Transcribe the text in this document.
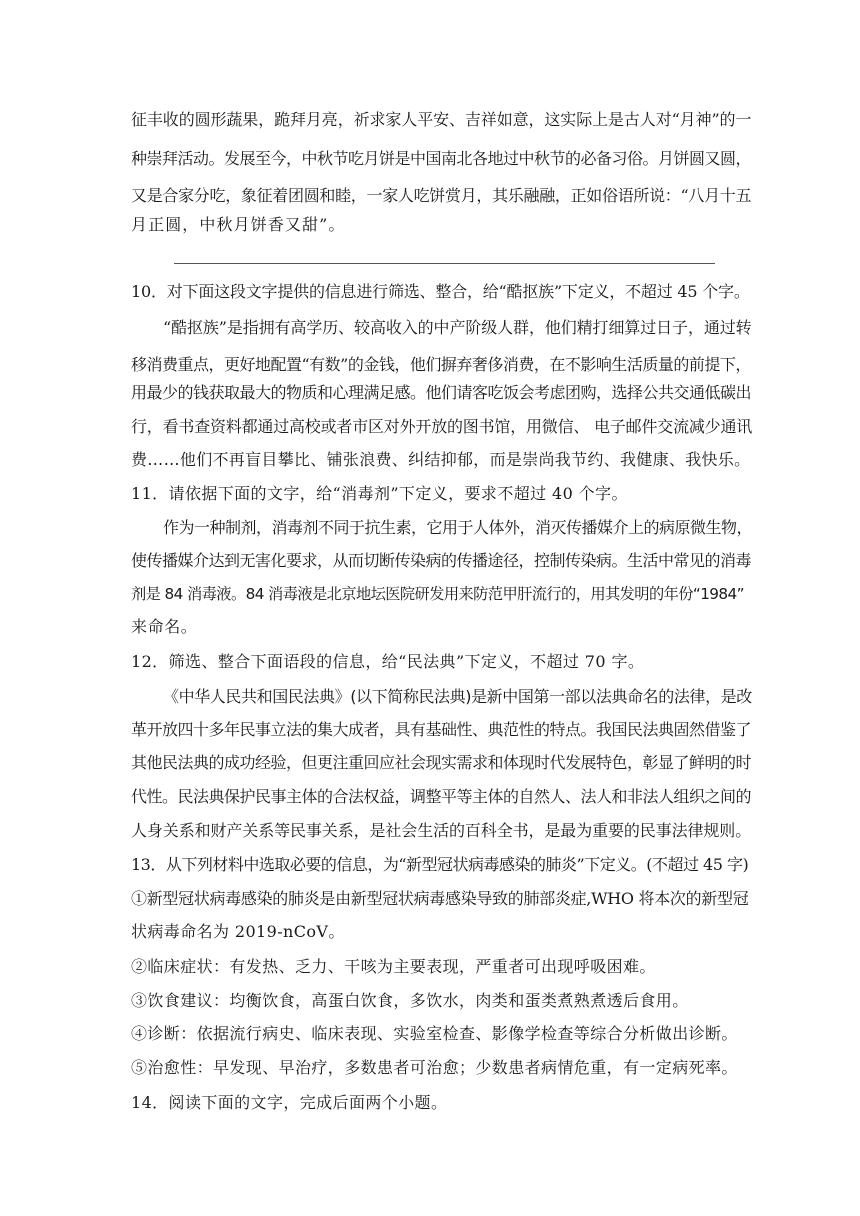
征丰收的圆形蔬果，跪拜月亮，祈求家人平安、吉祥如意，这实际上是古人对“月神”的一
种崇拜活动。发展至今，中秋节吃月饼是中国南北各地过中秋节的必备习俗。月饼圆又圆，
又是合家分吃，象征着团圆和睦，一家人吃饼赏月，其乐融融，正如俗语所说：“八月十五
月正圆，中秋月饼香又甜”。
10．对下面这段文字提供的信息进行筛选、整合，给“酷抠族”下定义，不超过 45 个字。
“酷抠族”是指拥有高学历、较高收入的中产阶级人群，他们精打细算过日子，通过转
移消费重点，更好地配置“有数”的金钱，他们摒弃奢侈消费，在不影响生活质量的前提下，
用最少的钱获取最大的物质和心理满足感。他们请客吃饭会考虑团购，选择公共交通低碳出
行，看书查资料都通过高校或者市区对外开放的图书馆，用微信、 电子邮件交流减少通讯
费……他们不再盲目攀比、铺张浪费、纠结抑郁，而是崇尚我节约、我健康、我快乐。
11．请依据下面的文字，给“消毒剂”下定义，要求不超过 40 个字。
作为一种制剂，消毒剂不同于抗生素，它用于人体外，消灭传播媒介上的病原微生物，
使传播媒介达到无害化要求，从而切断传染病的传播途径，控制传染病。生活中常见的消毒
剂是 84 消毒液。84 消毒液是北京地坛医院研发用来防范甲肝流行的，用其发明的年份“1984”
来命名。
12．筛选、整合下面语段的信息，给“民法典”下定义，不超过 70 字。
《中华人民共和国民法典》(以下简称民法典)是新中国第一部以法典命名的法律，是改
革开放四十多年民事立法的集大成者，具有基础性、典范性的特点。我国民法典固然借鉴了
其他民法典的成功经验，但更注重回应社会现实需求和体现时代发展特色，彰显了鲜明的时
代性。民法典保护民事主体的合法权益，调整平等主体的自然人、法人和非法人组织之间的
人身关系和财产关系等民事关系，是社会生活的百科全书，是最为重要的民事法律规则。
13．从下列材料中选取必要的信息，为“新型冠状病毒感染的肺炎”下定义。(不超过 45 字)
①新型冠状病毒感染的肺炎是由新型冠状病毒感染导致的肺部炎症,WHO 将本次的新型冠
状病毒命名为 2019-nCoV。
②临床症状：有发热、乏力、干咳为主要表现，严重者可出现呼吸困难。
③饮食建议：均衡饮食，高蛋白饮食，多饮水，肉类和蛋类煮熟煮透后食用。
④诊断：依据流行病史、临床表现、实验室检查、影像学检查等综合分析做出诊断。
⑤治愈性：早发现、早治疗，多数患者可治愈；少数患者病情危重，有一定病死率。
14．阅读下面的文字，完成后面两个小题。
